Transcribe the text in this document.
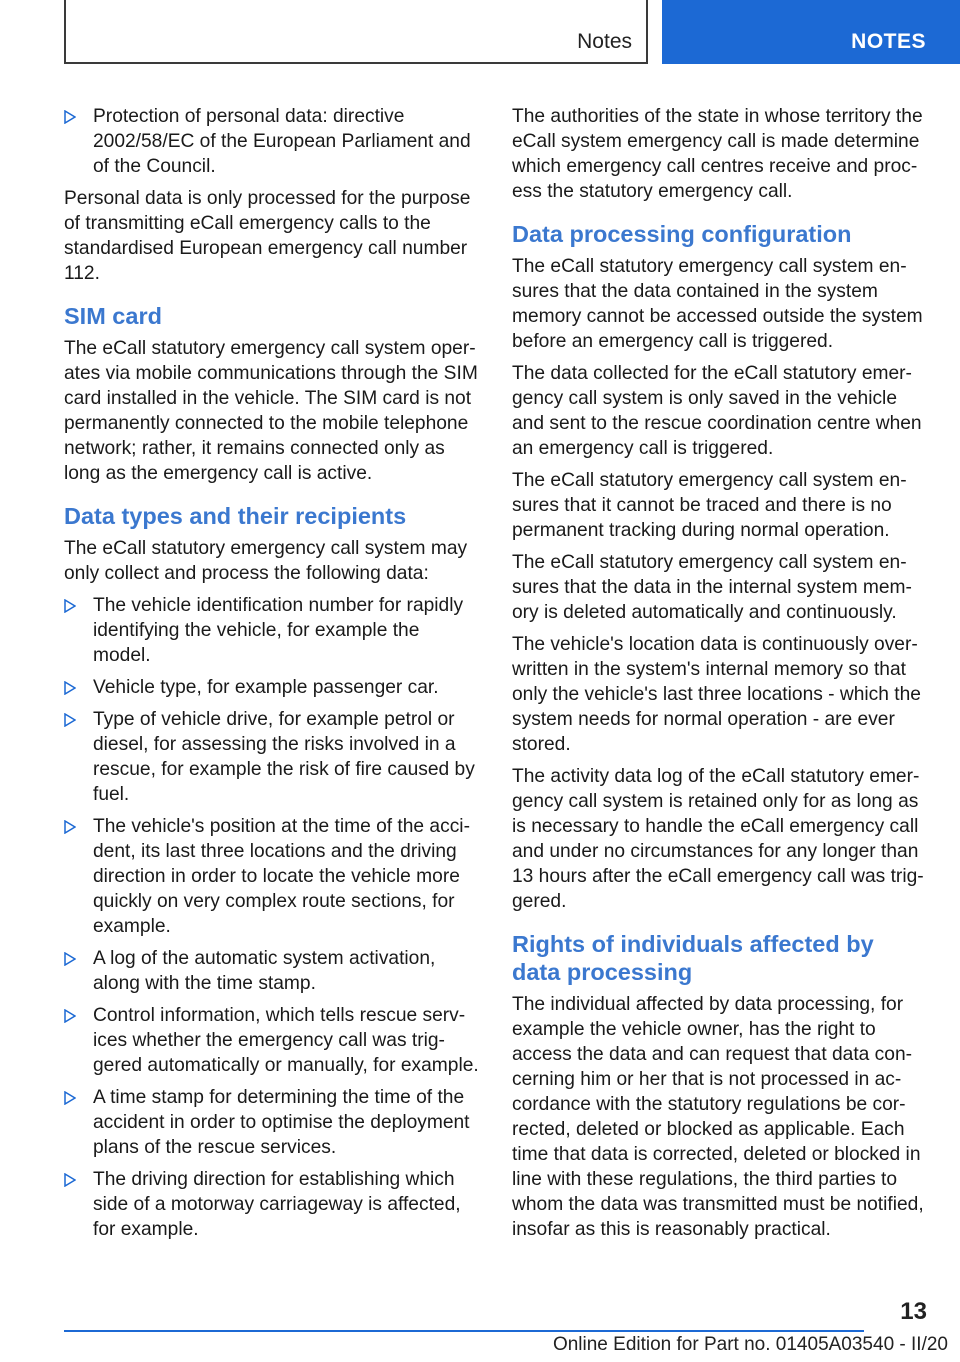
Notes	NOTES
Protection of personal data: directive 2002/58/EC of the European Parliament and of the Council.

Personal data is only processed for the purpose of transmitting eCall emergency calls to the standardised European emergency call number 112.

SIM card

The eCall statutory emergency call system operates via mobile communications through the SIM card installed in the vehicle. The SIM card is not permanently connected to the mobile telephone network; rather, it remains connected only as long as the emergency call is active.

Data types and their recipients

The eCall statutory emergency call system may only collect and process the following data:

The vehicle identification number for rapidly identifying the vehicle, for example the model.
Vehicle type, for example passenger car.
Type of vehicle drive, for example petrol or diesel, for assessing the risks involved in a rescue, for example the risk of fire caused by fuel.
The vehicle's position at the time of the accident, its last three locations and the driving direction in order to locate the vehicle more quickly on very complex route sections, for example.
A log of the automatic system activation, along with the time stamp.
Control information, which tells rescue services whether the emergency call was triggered automatically or manually, for example.
A time stamp for determining the time of the accident in order to optimise the deployment plans of the rescue services.
The driving direction for establishing which side of a motorway carriageway is affected, for example.

The authorities of the state in whose territory the eCall system emergency call is made determine which emergency call centres receive and process the statutory emergency call.

Data processing configuration

The eCall statutory emergency call system ensures that the data contained in the system memory cannot be accessed outside the system before an emergency call is triggered.

The data collected for the eCall statutory emergency call system is only saved in the vehicle and sent to the rescue coordination centre when an emergency call is triggered.

The eCall statutory emergency call system ensures that it cannot be traced and there is no permanent tracking during normal operation.

The eCall statutory emergency call system ensures that the data in the internal system memory is deleted automatically and continuously.

The vehicle's location data is continuously overwritten in the system's internal memory so that only the vehicle's last three locations - which the system needs for normal operation - are ever stored.

The activity data log of the eCall statutory emergency call system is retained only for as long as is necessary to handle the eCall emergency call and under no circumstances for any longer than 13 hours after the eCall emergency call was triggered.

Rights of individuals affected by data processing

The individual affected by data processing, for example the vehicle owner, has the right to access the data and can request that data concerning him or her that is not processed in accordance with the statutory regulations be corrected, deleted or blocked as applicable. Each time that data is corrected, deleted or blocked in line with these regulations, the third parties to whom the data was transmitted must be notified, insofar as this is reasonably practical.

13
Online Edition for Part no. 01405A03540 - II/20
